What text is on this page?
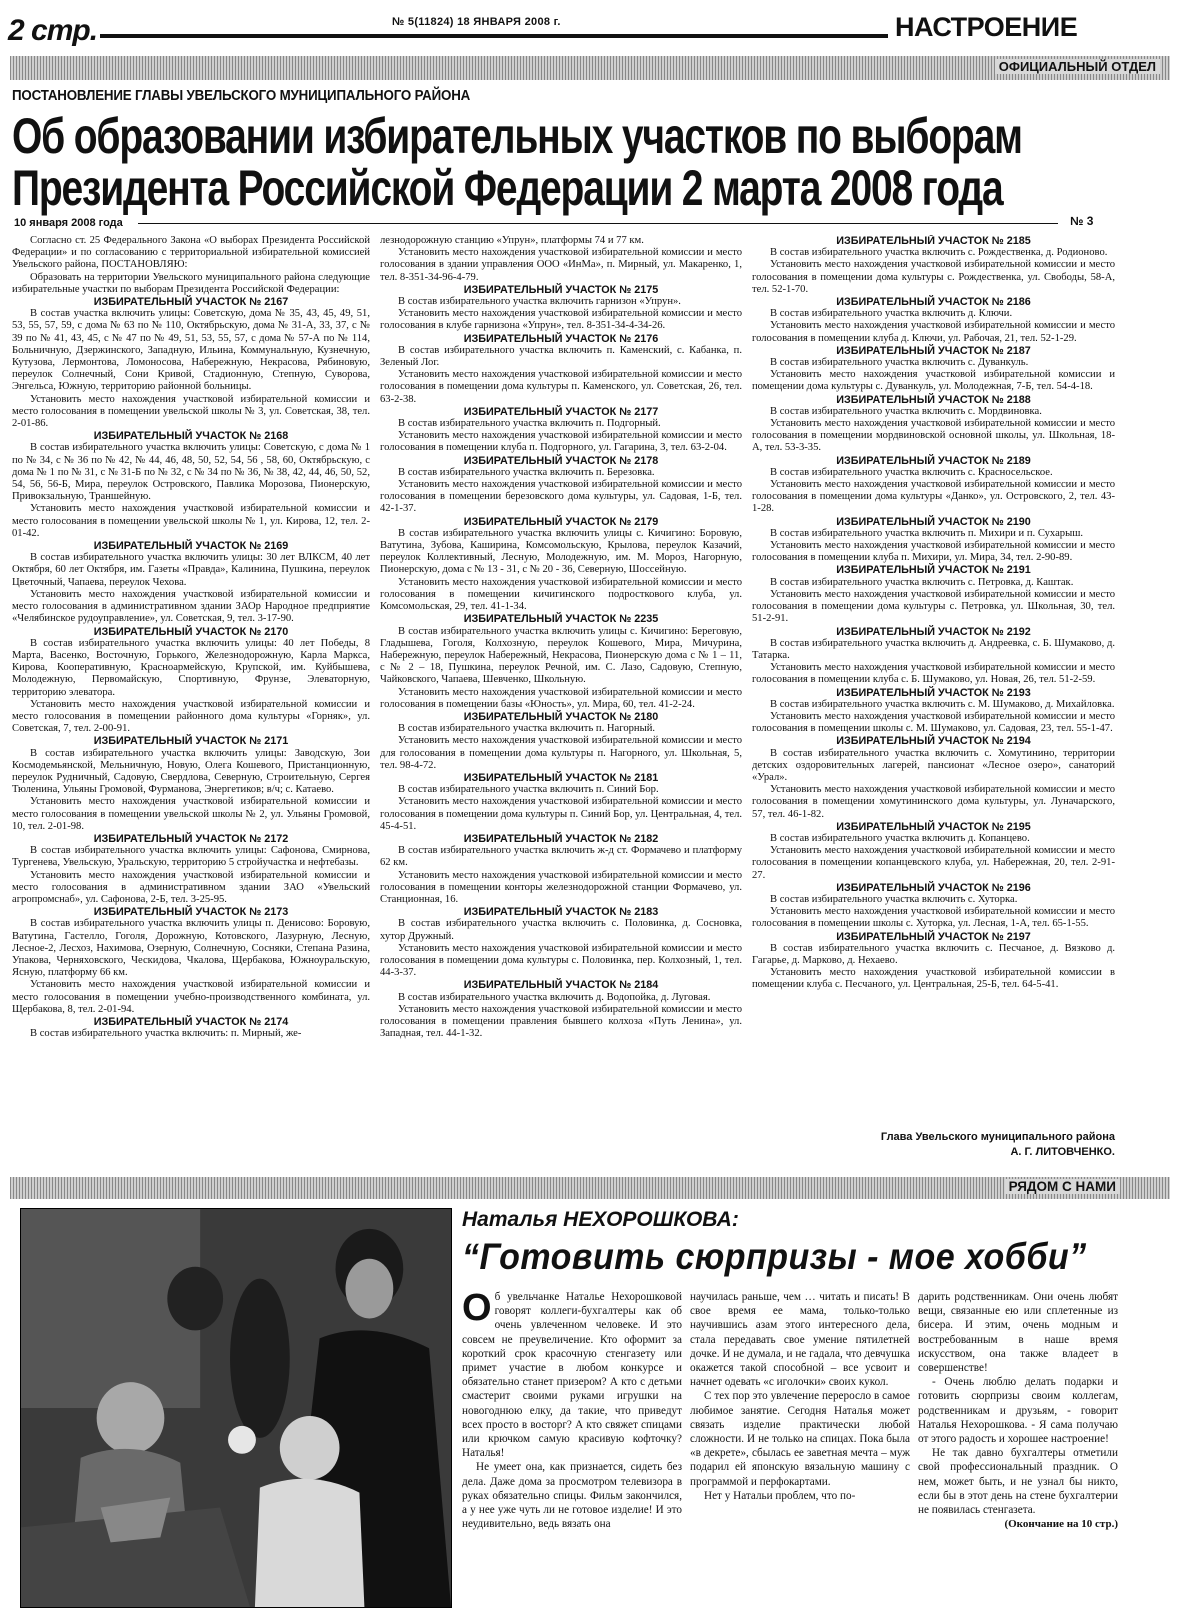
2 стр.	№ 5(11824) 18 ЯНВАРЯ 2008 г.	НАСТРОЕНИЕ
ОФИЦИАЛЬНЫЙ ОТДЕЛ
ПОСТАНОВЛЕНИЕ ГЛАВЫ УВЕЛЬСКОГО МУНИЦИПАЛЬНОГО РАЙОНА
Об образовании избирательных участков по выборам
Президента Российской Федерации 2 марта 2008 года
10 января 2008 года	№ 3

Согласно ст. 25 Федерального Закона «О выборах Президента Российской Федерации» и по согласованию с территориальной избирательной комиссией Увельского района, ПОСТАНОВЛЯЮ:

Образовать на территории Увельского муниципального района следующие избирательные участки по выборам Президента Российской Федерации:

ИЗБИРАТЕЛЬНЫЙ УЧАСТОК № 2167

В состав участка включить улицы: Советскую, дома № 35, 43, 45, 49, 51, 53, 55, 57, 59, с дома № 63 по № 110, Октябрьскую, дома № 31-А, 33, 37, с № 39 по № 41, 43, 45, с № 47 по № 49, 51, 53, 55, 57, с дома № 57-А по № 114, Больничную, Дзержинского, Западную, Ильина, Коммунальную, Кузнечную, Кутузова, Лермонтова, Ломоносова, Набережную, Некрасова, Рябиновую, переулок Солнечный, Сони Кривой, Стадионную, Степную, Суворова, Энгельса, Южную, территорию районной больницы.

Установить место нахождения участковой избирательной комиссии и место голосования в помещении увельской школы № 3, ул. Советская, 38, тел. 2-01-86.

ИЗБИРАТЕЛЬНЫЙ УЧАСТОК № 2168

В состав избирательного участка включить улицы: Советскую, с дома № 1 по № 34, с № 36 по № 42, № 44, 46, 48, 50, 52, 54, 56 , 58, 60, Октябрьскую, с дома № 1 по № 31, с № 31-Б по № 32, с № 34 по № 36, № 38, 42, 44, 46, 50, 52, 54, 56, 56-Б, Мира, переулок Островского, Павлика Морозова, Пионерскую, Привокзальную, Траншейную.

Установить место нахождения участковой избирательной комиссии и место голосования в помещении увельской школы № 1, ул. Кирова, 12, тел. 2-01-42.

ИЗБИРАТЕЛЬНЫЙ УЧАСТОК № 2169

В состав избирательного участка включить улицы: 30 лет ВЛКСМ, 40 лет Октября, 60 лет Октября, им. Газеты «Правда», Калинина, Пушкина, переулок Цветочный, Чапаева, переулок Чехова.

Установить место нахождения участковой избирательной комиссии и место голосования в административном здании ЗАОр Народное предприятие «Челябинское рудоуправление», ул. Советская, 9, тел. 3-17-90.

ИЗБИРАТЕЛЬНЫЙ УЧАСТОК № 2170

В состав избирательного участка включить улицы: 40 лет Победы, 8 Марта, Васенко, Восточную, Горького, Железнодорожную, Карла Маркса, Кирова, Кооперативную, Красноармейскую, Крупской, им. Куйбышева, Молодежную, Первомайскую, Спортивную, Фрунзе, Элеваторную, территорию элеватора.

Установить место нахождения участковой избирательной комиссии и место голосования в помещении районного дома культуры «Горняк», ул. Советская, 7, тел. 2-00-91.

ИЗБИРАТЕЛЬНЫЙ УЧАСТОК № 2171

В состав избирательного участка включить улицы: Заводскую, Зои Космодемьянской, Мельничную, Новую, Олега Кошевого, Пристанционную, переулок Рудничный, Садовую, Свердлова, Северную, Строительную, Сергея Тюленина, Ульяны Громовой, Фурманова, Энергетиков; в/ч; с. Катаево.

Установить место нахождения участковой избирательной комиссии и место голосования в помещении увельской школы № 2, ул. Ульяны Громовой, 10, тел. 2-01-98.

ИЗБИРАТЕЛЬНЫЙ УЧАСТОК № 2172

В состав избирательного участка включить улицы: Сафонова, Смирнова, Тургенева, Увельскую, Уральскую, территорию 5 стройучастка и нефтебазы.

Установить место нахождения участковой избирательной комиссии и место голосования в административном здании ЗАО «Увельский агропромснаб», ул. Сафонова, 2-Б, тел. 3-25-95.

ИЗБИРАТЕЛЬНЫЙ УЧАСТОК № 2173

В состав избирательного участка включить улицы п. Денисово: Боровую, Ватутина, Гастелло, Гоголя, Дорожную, Котовского, Лазурную, Лесную, Лесное-2, Лесхоз, Нахимова, Озерную, Солнечную, Сосняки, Степана Разина, Упакова, Черняховского, Ческидова, Чкалова, Щербакова, Южноуральскую, Ясную, платформу 66 км.

Установить место нахождения участковой избирательной комиссии и место голосования в помещении учебно-производственного комбината, ул. Щербакова, 8, тел. 2-01-94.

ИЗБИРАТЕЛЬНЫЙ УЧАСТОК № 2174

В состав избирательного участка включить: п. Мирный, же-

лезнодорожную станцию «Упрун», платформы 74 и 77 км.

Установить место нахождения участковой избирательной комиссии и место голосования в здании управления ООО «ИнМа», п. Мирный, ул. Макаренко, 1, тел. 8-351-34-96-4-79.

ИЗБИРАТЕЛЬНЫЙ УЧАСТОК № 2175

В состав избирательного участка включить гарнизон «Упрун».

Установить место нахождения участковой избирательной комиссии и место голосования в клубе гарнизона «Упрун», тел. 8-351-34-4-34-26.

ИЗБИРАТЕЛЬНЫЙ УЧАСТОК № 2176

В состав избирательного участка включить п. Каменский, с. Кабанка, п. Зеленый Лог.

Установить место нахождения участковой избирательной комиссии и место голосования в помещении дома культуры п. Каменского, ул. Советская, 26, тел. 63-2-38.

ИЗБИРАТЕЛЬНЫЙ УЧАСТОК № 2177

В состав избирательного участка включить п. Подгорный.

Установить место нахождения участковой избирательной комиссии и место голосования в помещении клуба п. Подгорного, ул. Гагарина, 3, тел. 63-2-04.

ИЗБИРАТЕЛЬНЫЙ УЧАСТОК № 2178

В состав избирательного участка включить п. Березовка.

Установить место нахождения участковой избирательной комиссии и место голосования в помещении березовского дома культуры, ул. Садовая, 1-Б, тел. 42-1-37.

ИЗБИРАТЕЛЬНЫЙ УЧАСТОК № 2179

В состав избирательного участка включить улицы с. Кичигино: Боровую, Ватутина, Зубова, Каширина, Комсомольскую, Крылова, переулок Казачий, переулок Коллективный, Лесную, Молодежную, им. М. Мороз, Нагорную, Пионерскую, дома с № 13 - 31, с № 20 - 36, Северную, Шоссейную.

Установить место нахождения участковой избирательной комиссии и место голосования в помещении кичигинского подросткового клуба, ул. Комсомольская, 29, тел. 41-1-34.

ИЗБИРАТЕЛЬНЫЙ УЧАСТОК № 2235

В состав избирательного участка включить улицы с. Кичигино: Береговую, Гладышева, Гоголя, Колхозную, переулок Кошевого, Мира, Мичурина, Набережную, переулок Набережный, Некрасова, Пионерскую дома с № 1 – 11, с № 2 – 18, Пушкина, переулок Речной, им. С. Лазо, Садовую, Степную, Чайковского, Чапаева, Шевченко, Школьную.

Установить место нахождения участковой избирательной комиссии и место голосования в помещении базы «Юность», ул. Мира, 60, тел. 41-2-24.

ИЗБИРАТЕЛЬНЫЙ УЧАСТОК № 2180

В состав избирательного участка включить п. Нагорный.

Установить место нахождения участковой избирательной комиссии и место для голосования в помещении дома культуры п. Нагорного, ул. Школьная, 5, тел. 98-4-72.

ИЗБИРАТЕЛЬНЫЙ УЧАСТОК № 2181

В состав избирательного участка включить п. Синий Бор.

Установить место нахождения участковой избирательной комиссии и место голосования в помещении дома культуры п. Синий Бор, ул. Центральная, 4, тел. 45-4-51.

ИЗБИРАТЕЛЬНЫЙ УЧАСТОК № 2182

В состав избирательного участка включить ж-д ст. Формачево и платформу 62 км.

Установить место нахождения участковой избирательной комиссии и место голосования в помещении конторы железнодорожной станции Формачево, ул. Станционная, 16.

ИЗБИРАТЕЛЬНЫЙ УЧАСТОК № 2183

В состав избирательного участка включить с. Половинка, д. Сосновка, хутор Дружный.

Установить место нахождения участковой избирательной комиссии и место голосования в помещении дома культуры с. Половинка, пер. Колхозный, 1, тел. 44-3-37.

ИЗБИРАТЕЛЬНЫЙ УЧАСТОК № 2184

В состав избирательного участка включить д. Водопойка, д. Луговая.

Установить место нахождения участковой избирательной комиссии и место голосования в помещении правления бывшего колхоза «Путь Ленина», ул. Западная, тел. 44-1-32.

ИЗБИРАТЕЛЬНЫЙ УЧАСТОК № 2185

В состав избирательного участка включить с. Рождественка, д. Родионово.

Установить место нахождения участковой избирательной комиссии и место голосования в помещении дома культуры с. Рождественка, ул. Свободы, 58-А, тел. 52-1-70.

ИЗБИРАТЕЛЬНЫЙ УЧАСТОК № 2186

В состав избирательного участка включить д. Ключи.

Установить место нахождения участковой избирательной комиссии и место голосования в помещении клуба д. Ключи, ул. Рабочая, 21, тел. 52-1-29.

ИЗБИРАТЕЛЬНЫЙ УЧАСТОК № 2187

В состав избирательного участка включить с. Дуванкуль.

Установить место нахождения участковой избирательной комиссии и помещении дома культуры с. Дуванкуль, ул. Молодежная, 7-Б, тел. 54-4-18.

ИЗБИРАТЕЛЬНЫЙ УЧАСТОК № 2188

В состав избирательного участка включить с. Мордвиновка.

Установить место нахождения участковой избирательной комиссии и место голосования в помещении мордвиновской основной школы, ул. Школьная, 18-А, тел. 53-3-35.

ИЗБИРАТЕЛЬНЫЙ УЧАСТОК № 2189

В состав избирательного участка включить с. Красносельское.

Установить место нахождения участковой избирательной комиссии и место голосования в помещении дома культуры «Данко», ул. Островского, 2, тел. 43-1-28.

ИЗБИРАТЕЛЬНЫЙ УЧАСТОК № 2190

В состав избирательного участка включить п. Михири и п. Сухарыш.

Установить место нахождения участковой избирательной комиссии и место голосования в помещении клуба п. Михири, ул. Мира, 34, тел. 2-90-89.

ИЗБИРАТЕЛЬНЫЙ УЧАСТОК № 2191

В состав избирательного участка включить с. Петровка, д. Каштак.

Установить место нахождения участковой избирательной комиссии и место голосования в помещении дома культуры с. Петровка, ул. Школьная, 30, тел. 51-2-91.

ИЗБИРАТЕЛЬНЫЙ УЧАСТОК № 2192

В состав избирательного участка включить д. Андреевка, с. Б. Шумаково, д. Татарка.

Установить место нахождения участковой избирательной комиссии и место голосования в помещении клуба с. Б. Шумаково, ул. Новая, 26, тел. 51-2-59.

ИЗБИРАТЕЛЬНЫЙ УЧАСТОК № 2193

В состав избирательного участка включить с. М. Шумаково, д. Михайловка.

Установить место нахождения участковой избирательной комиссии и место голосования в помещении школы с. М. Шумаково, ул. Садовая, 23, тел. 55-1-47.

ИЗБИРАТЕЛЬНЫЙ УЧАСТОК № 2194

В состав избирательного участка включить с. Хомутинино, территории детских оздоровительных лагерей, пансионат «Лесное озеро», санаторий «Урал».

Установить место нахождения участковой избирательной комиссии и место голосования в помещении хомутининского дома культуры, ул. Луначарского, 57, тел. 46-1-82.

ИЗБИРАТЕЛЬНЫЙ УЧАСТОК № 2195

В состав избирательного участка включить д. Копанцево.

Установить место нахождения участковой избирательной комиссии и место голосования в помещении копанцевского клуба, ул. Набережная, 20, тел. 2-91-27.

ИЗБИРАТЕЛЬНЫЙ УЧАСТОК № 2196

В состав избирательного участка включить с. Хуторка.

Установить место нахождения участковой избирательной комиссии и место голосования в помещении школы с. Хуторка, ул. Лесная, 1-А, тел. 65-1-55.

ИЗБИРАТЕЛЬНЫЙ УЧАСТОК № 2197

В состав избирательного участка включить с. Песчаное, д. Вязково д. Гагарье, д. Марково, д. Нехаево.

Установить место нахождения участковой избирательной комиссии в помещении клуба с. Песчаного, ул. Центральная, 25-Б, тел. 64-5-41.

Глава Увельского муниципального района
А. Г. ЛИТОВЧЕНКО.
РЯДОМ С НАМИ
Наталья НЕХОРОШКОВА:
“Готовить сюрпризы - мое хобби”

Об увельчанке Наталье Нехорошковой говорят коллеги-бухгалтеры как об очень увлеченном человеке. И это совсем не преувеличение. Кто оформит за короткий срок красочную стенгазету или примет участие в любом конкурсе и обязательно станет призером? А кто с детьми смастерит своими руками игрушки на новогоднюю елку, да такие, что приведут всех просто в восторг? А кто свяжет спицами или крючком самую красивую кофточку? Наталья!

Не умеет она, как признается, сидеть без дела. Даже дома за просмотром телевизора в руках обязательно спицы. Фильм закончился, а у нее уже чуть ли не готовое изделие! И это неудивительно, ведь вязать она

научилась раньше, чем … читать и писать! В свое время ее мама, только-только научившись азам этого интересного дела, стала передавать свое умение пятилетней дочке. И не думала, и не гадала, что девчушка окажется такой способной – все усвоит и начнет одевать «с иголочки» своих кукол.

С тех пор это увлечение переросло в самое любимое занятие. Сегодня Наталья может связать изделие практически любой сложности. И не только на спицах. Пока была «в декрете», сбылась ее заветная мечта – муж подарил ей японскую вязальную машину с программой и перфокартами.

Нет у Натальи проблем, что по-

дарить родственникам. Они очень любят вещи, связанные ею или сплетенные из бисера. И этим, очень модным и востребованным в наше время искусством, она также владеет в совершенстве!

- Очень люблю делать подарки и готовить сюрпризы своим коллегам, родственникам и друзьям, - говорит Наталья Нехорошкова. - Я сама получаю от этого радость и хорошее настроение!

Не так давно бухгалтеры отметили свой профессиональный праздник. О нем, может быть, и не узнал бы никто, если бы в этот день на стене бухгалтерии не появилась стенгазета.

(Окончание на 10 стр.)
